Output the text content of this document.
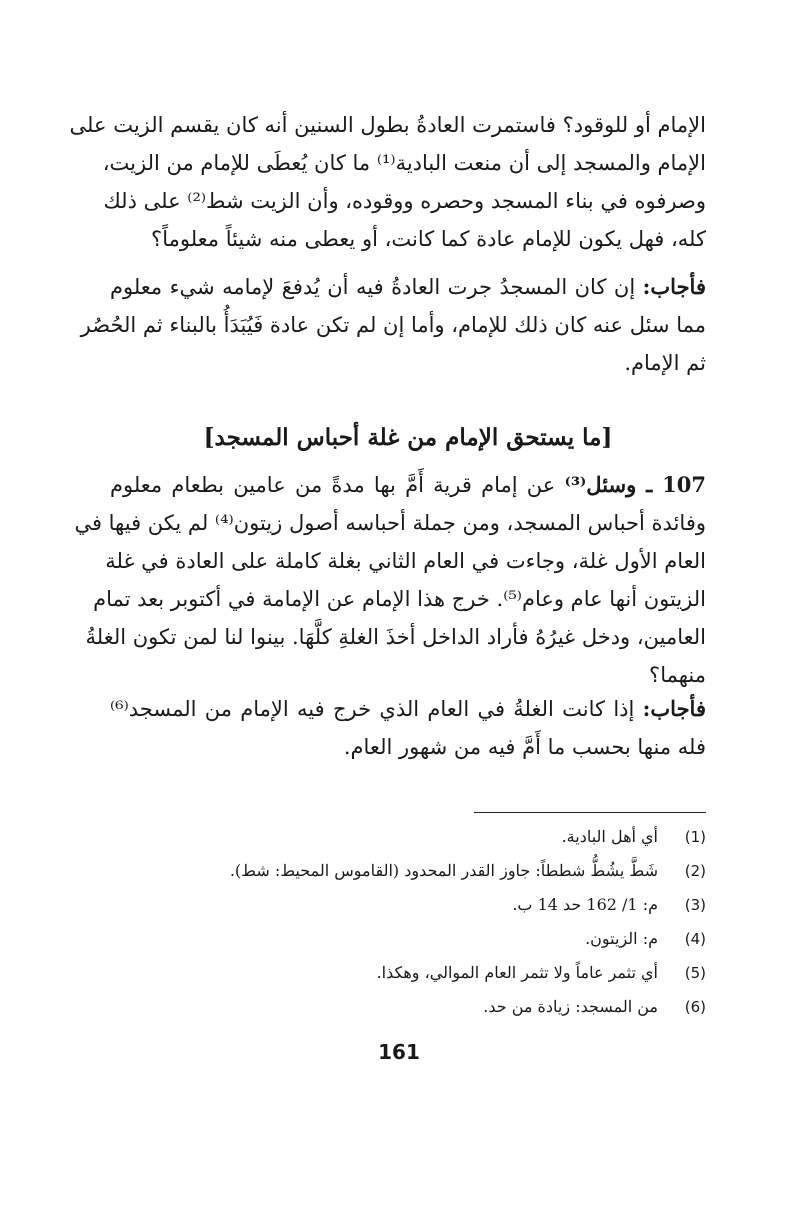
الإمام أو للوقود؟ فاستمرت العادةُ بطول السنين أنه كان يقسم الزيت على
الإمام والمسجد إلى أن منعت البادية⁽¹⁾ ما كان يُعطَى للإمام من الزيت،
وصرفوه في بناء المسجد وحصره ووقوده، وأن الزيت شط⁽²⁾ على ذلك
كله، فهل يكون للإمام عادة كما كانت، أو يعطى منه شيئاً معلوماً؟
فأجاب: إن كان المسجدُ جرت العادةُ فيه أن يُدفعَ لإمامه شيء معلوم
مما سئل عنه كان ذلك للإمام، وأما إن لم تكن عادة فَيُبَدَأُ بالبناء ثم الحُصُر
ثم الإمام.
[ما يستحق الإمام من غلة أحباس المسجد]
107 ـ وسئل⁽³⁾ عن إمام قرية أَمَّ بها مدةً من عامين بطعام معلوم
وفائدة أحباس المسجد، ومن جملة أحباسه أصول زيتون⁽⁴⁾ لم يكن فيها في
العام الأول غلة، وجاءت في العام الثاني بغلة كاملة على العادة في غلة
الزيتون أنها عام وعام⁽⁵⁾. خرج هذا الإمام عن الإمامة في أكتوبر بعد تمام
العامين، ودخل غيرُهُ فأراد الداخل أخذَ الغلةِ كلَّهَا. بينوا لنا لمن تكون الغلةُ
منهما؟
فأجاب: إذا كانت الغلةُ في العام الذي خرج فيه الإمام من المسجد⁽⁶⁾
فله منها بحسب ما أَمَّ فيه من شهور العام.
(1)أي أهل البادية.
(2)شَطَّ يشُطُّ شططاً: جاوز القدر المحدود (القاموس المحيط: شط).
(3)م: 1/ 162 حد 14 ب.
(4)م: الزيتون.
(5)أي تثمر عاماً ولا تثمر العام الموالي، وهكذا.
(6)من المسجد: زيادة من حد.
161
